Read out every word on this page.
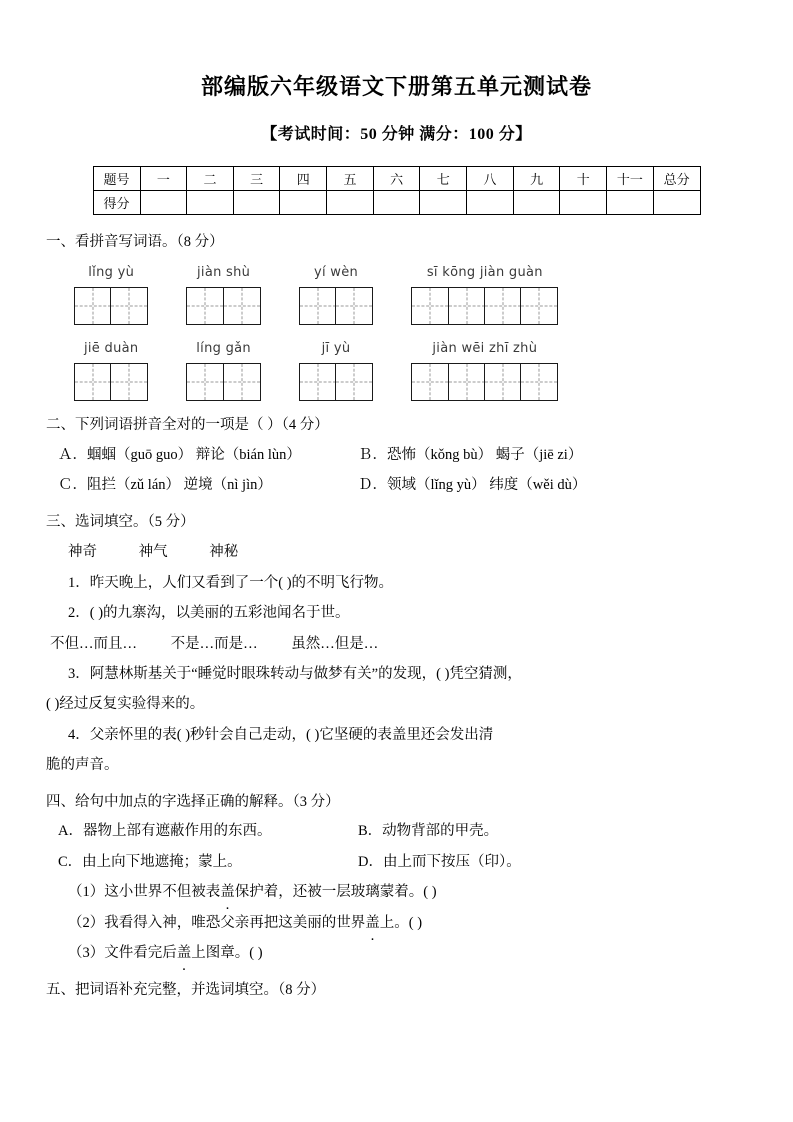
部编版六年级语文下册第五单元测试卷
【考试时间：50 分钟 满分：100 分】
题号	一	二	三	四	五	六	七	八	九	十	十一	总分
得分												
一、看拼音写词语。（8 分）
lǐng yù	jiàn shù	yí wèn	sī kōng jiàn guàn
jiē duàn	líng gǎn	jī yù	jiàn wēi zhī zhù
二、下列词语拼音全对的一项是（ ）（4 分）
Ａ．蝈蝈（guō guo） 辩论（bián lùn）	Ｂ．恐怖（kǒng bù） 蝎子（jiē zi）
Ｃ．阻拦（zǔ lán） 逆境（nì jìn）	Ｄ．领域（lǐng yù） 纬度（wěi dù）
三、选词填空。（5 分）
神奇	神气	神秘
1．昨天晚上，人们又看到了一个( )的不明飞行物。
2．( )的九寨沟，以美丽的五彩池闻名于世。
不但…而且… 不是…而是… 虽然…但是…
3．阿慧林斯基关于“睡觉时眼珠转动与做梦有关”的发现，( )凭空猜测，
( )经过反复实验得来的。
4．父亲怀里的表( )秒针会自己走动，( )它坚硬的表盖里还会发出清
脆的声音。
四、给句中加点的字选择正确的解释。（3 分）
A．器物上部有遮蔽作用的东西。	B．动物背部的甲壳。
C．由上向下地遮掩；蒙上。	D．由上而下按压（印）。
（1）这小世界不但被表盖保护着，还被一层玻璃蒙着。( )
（2）我看得入神，唯恐父亲再把这美丽的世界盖上。( )
（3）文件看完后盖上图章。( )
五、把词语补充完整，并选词填空。（8 分）
